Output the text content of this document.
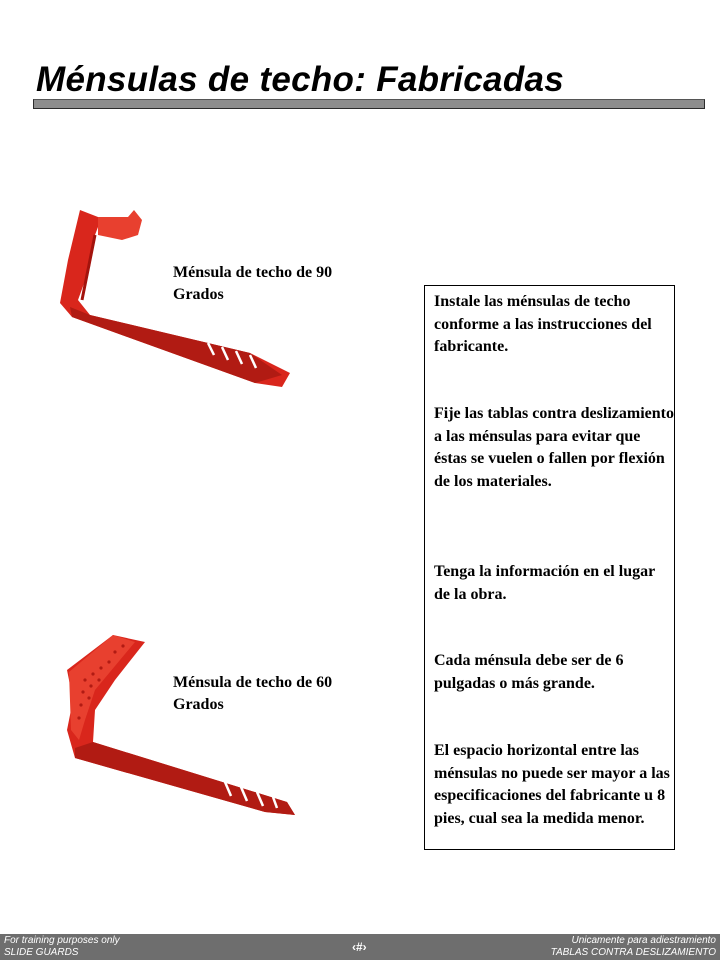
Ménsulas de techo: Fabricadas
Ménsula de techo de 90 Grados
Ménsula de techo de 60 Grados
Instale las ménsulas de techo conforme a las instrucciones del fabricante.
Fije las tablas contra deslizamiento a las ménsulas para evitar que éstas se vuelen o fallen por flexión de los materiales.
Tenga la información en el lugar de la obra.
Cada ménsula debe ser de 6 pulgadas o más grande.
El espacio horizontal entre las ménsulas no puede ser mayor a las especificaciones del fabricante u 8 pies, cual sea la medida menor.
For training purposes only
SLIDE GUARDS	‹#›	Unicamente para adiestramiento
TABLAS CONTRA DESLIZAMIENTO
